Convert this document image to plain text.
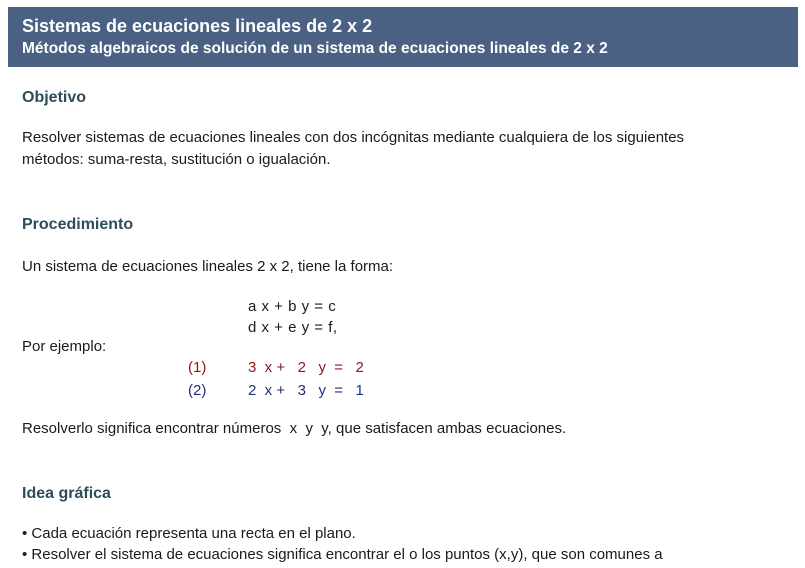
Sistemas de ecuaciones lineales de 2 x 2
Métodos algebraicos de solución de un sistema de ecuaciones lineales de 2 x 2
Objetivo
Resolver sistemas de ecuaciones lineales con dos incógnitas mediante cualquiera de los siguientes
métodos: suma-resta, sustitución o igualación.
Procedimiento
Un sistema de ecuaciones lineales 2 x 2, tiene la forma:
a x + b y = c
d x + e y = f,
Por ejemplo:
(1)	3  x +   2   y  =   2
(2)	2  x +   3   y  =   1
Resolverlo significa encontrar números  x  y  y, que satisfacen ambas ecuaciones.
Idea gráfica
• Cada ecuación representa una recta en el plano.
• Resolver el sistema de ecuaciones significa encontrar el o los puntos (x,y), que son comunes a
